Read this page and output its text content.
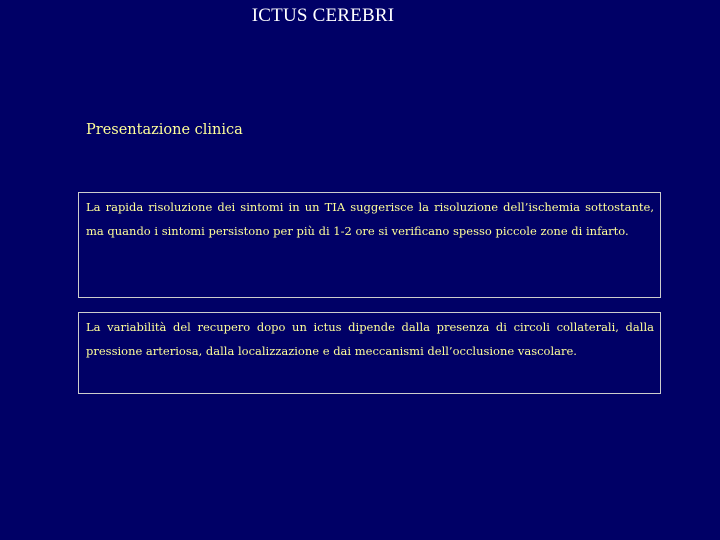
ICTUS CEREBRI
Presentazione clinica
La rapida risoluzione dei sintomi in un TIA suggerisce la risoluzione dell’ischemia sottostante, ma quando i sintomi persistono per più di 1-2 ore si verificano spesso piccole zone di infarto.
La variabilità del recupero dopo un ictus dipende dalla presenza di circoli collaterali, dalla pressione arteriosa, dalla localizzazione e dai meccanismi dell’occlusione vascolare.
